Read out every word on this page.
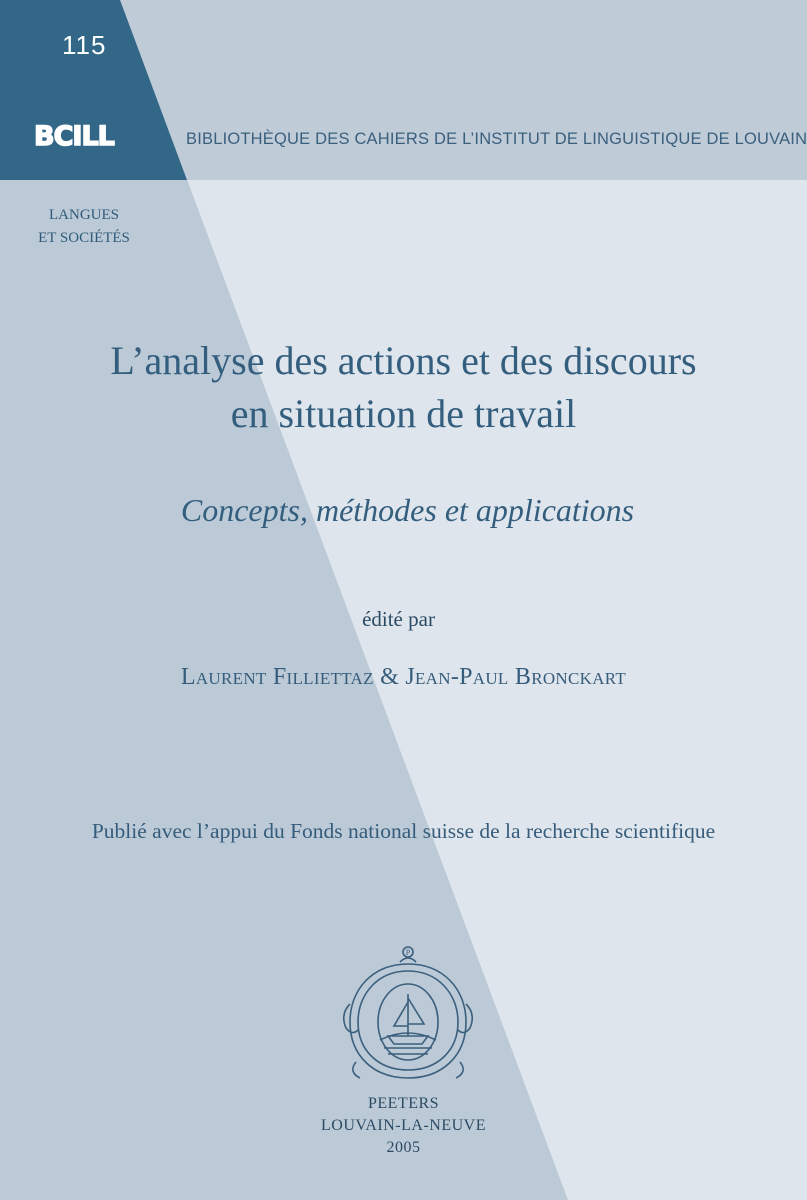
115
BCILL	BIBLIOTHÈQUE DES CAHIERS DE L’INSTITUT DE LINGUISTIQUE DE LOUVAIN
LANGUES
ET SOCIÉTÉS
L’analyse des actions et des discours
en situation de travail
Concepts, méthodes et applications
édité par
Laurent Filliettaz & Jean-Paul Bronckart
Publié avec l’appui du Fonds national suisse de la recherche scientifique
P
PEETERS
LOUVAIN-LA-NEUVE
2005
